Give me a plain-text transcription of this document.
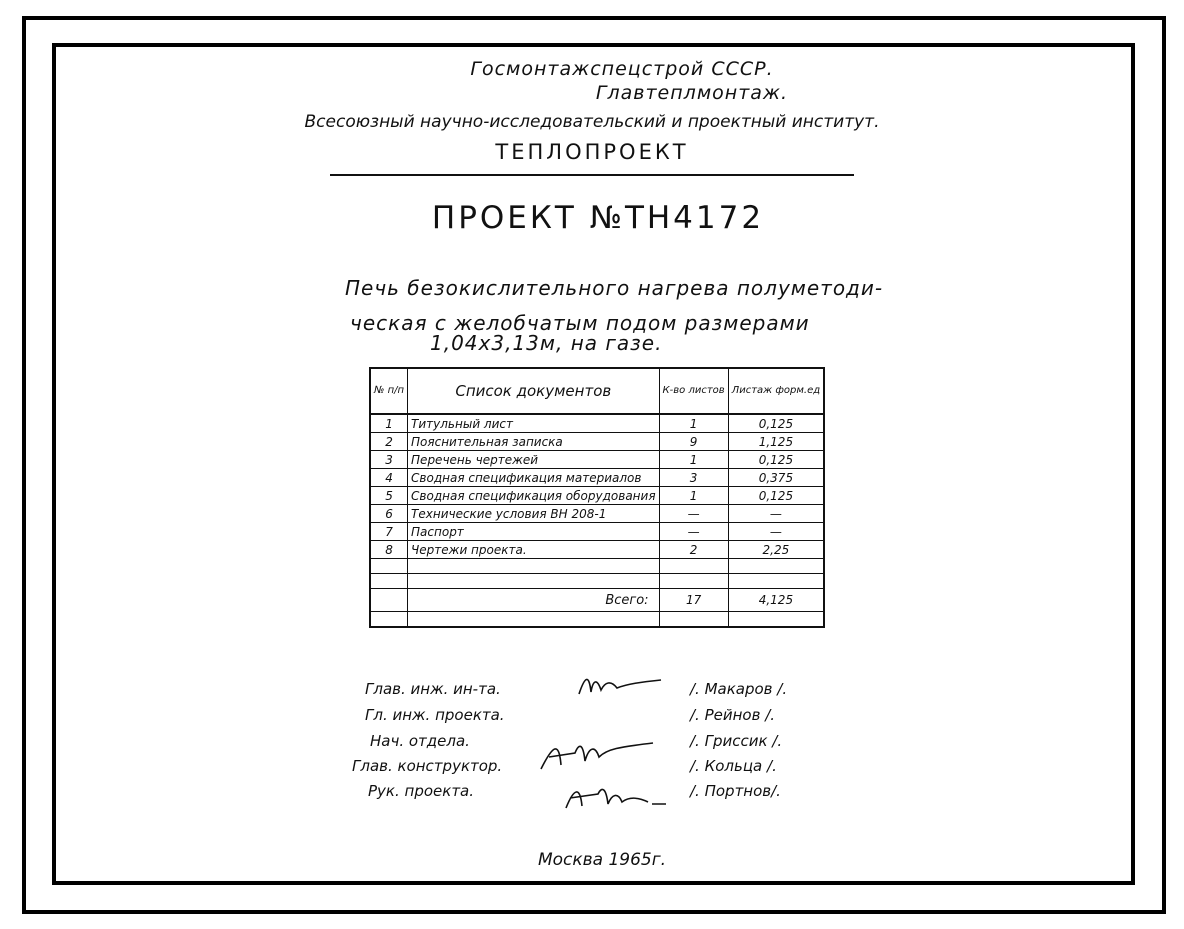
Госмонтажспецстрой СССР.
Главтеплмонтаж.
Всесоюзный научно-исследовательский и проектный институт.
ТЕПЛОПРОЕКТ
ПРОЕКТ №ТН4172
Печь безокислительного нагрева полуметоди-
ческая с желобчатым подом размерами
1,04х3,13м, на газе.
№ п/п	Список документов	К-во листов	Листаж форм.ед
1	Титульный лист	1	0,125
2	Пояснительная записка	9	1,125
3	Перечень чертежей	1	0,125
4	Сводная спецификация материалов	3	0,375
5	Сводная спецификация оборудования	1	0,125
6	Технические условия ВН 208-1	—	—
7	Паспорт	—	—
8	Чертежи проекта.	2	2,25

	Всего:	17	4,125

Глав. инж. ин-та.
Гл. инж. проекта.
Нач. отдела.
Глав. конструктор.
Рук. проекта.
/. Макаров /.
/. Рейнов /.
/. Гриссик /.
/. Кольца /.
/. Портнов/.
Москва 1965г.
